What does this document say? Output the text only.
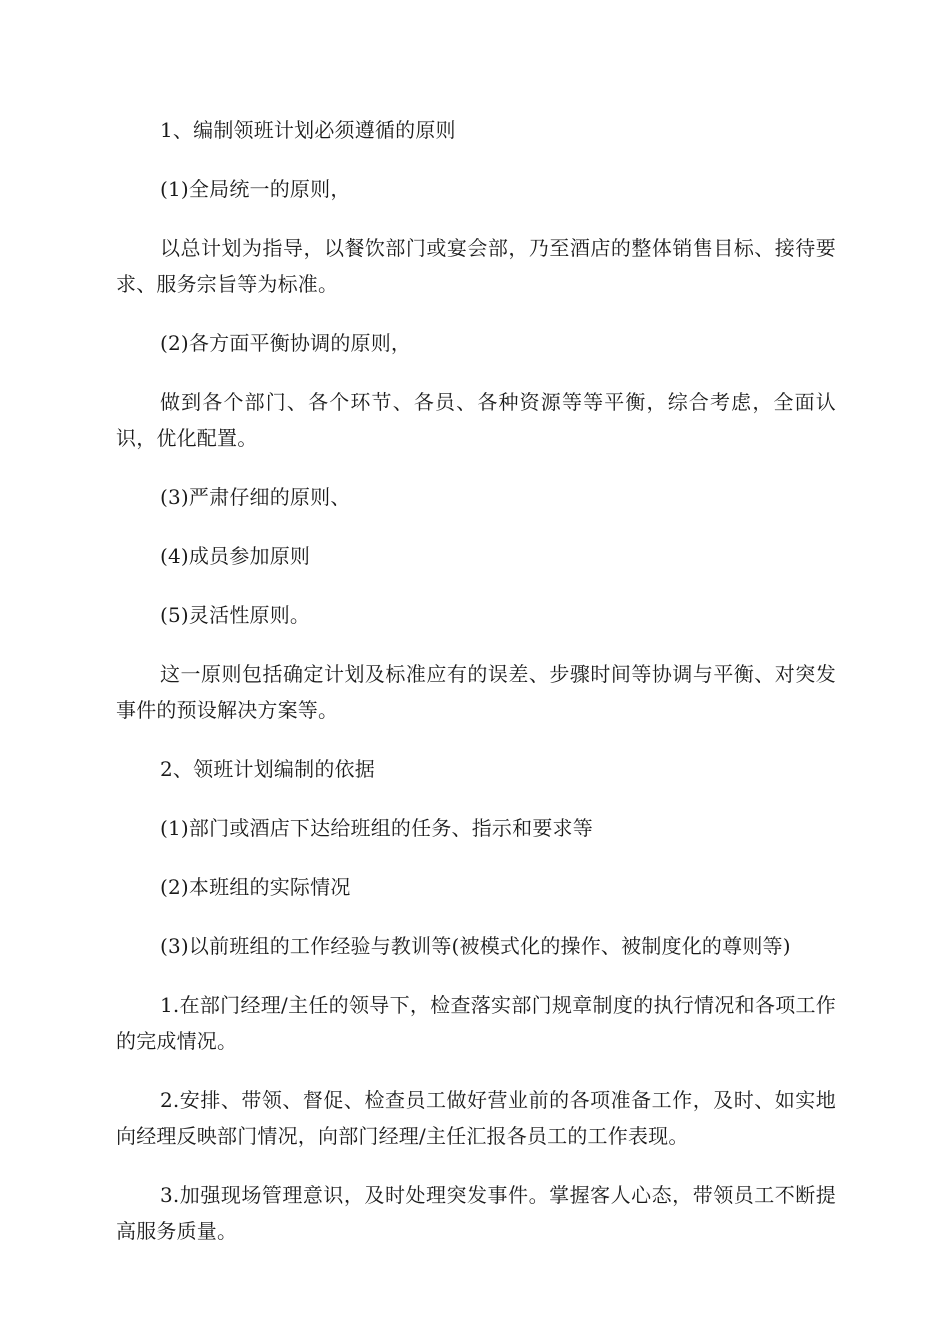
1、编制领班计划必须遵循的原则

(1)全局统一的原则，

以总计划为指导，以餐饮部门或宴会部，乃至酒店的整体销售目标、接待要求、服务宗旨等为标准。

(2)各方面平衡协调的原则，

做到各个部门、各个环节、各员、各种资源等等平衡，综合考虑，全面认识，优化配置。

(3)严肃仔细的原则、

(4)成员参加原则

(5)灵活性原则。

这一原则包括确定计划及标准应有的误差、步骤时间等协调与平衡、对突发事件的预设解决方案等。

2、领班计划编制的依据

(1)部门或酒店下达给班组的任务、指示和要求等

(2)本班组的实际情况

(3)以前班组的工作经验与教训等(被模式化的操作、被制度化的尊则等)

1.在部门经理/主任的领导下，检查落实部门规章制度的执行情况和各项工作的完成情况。

2.安排、带领、督促、检查员工做好营业前的各项准备工作，及时、如实地向经理反映部门情况，向部门经理/主任汇报各员工的工作表现。

3.加强现场管理意识，及时处理突发事件。掌握客人心态，带领员工不断提高服务质量。
